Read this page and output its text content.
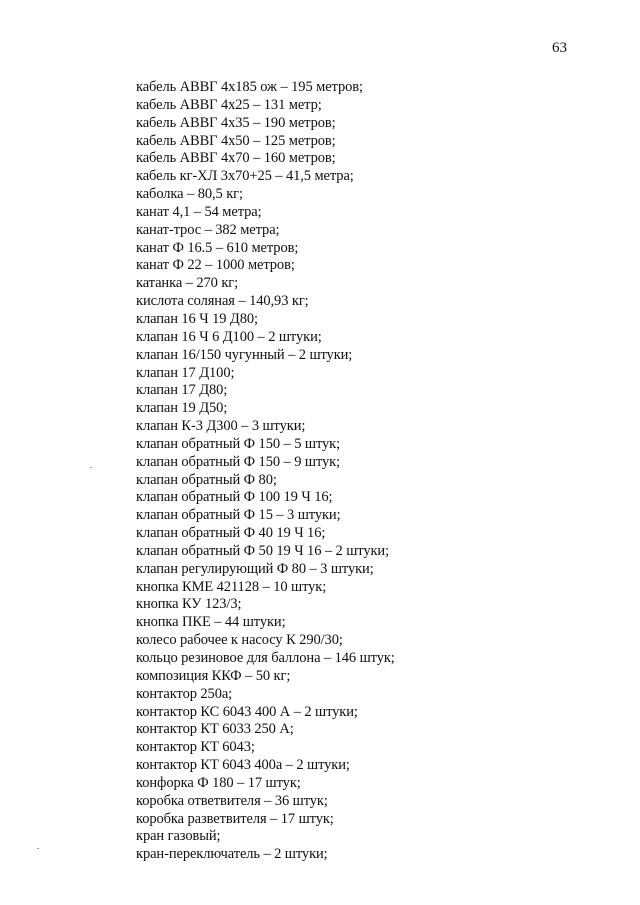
63
кабель АВВГ 4х185 ож – 195 метров;
кабель АВВГ 4х25 – 131 метр;
кабель АВВГ 4х35 – 190 метров;
кабель АВВГ 4х50 – 125 метров;
кабель АВВГ 4х70 – 160 метров;
кабель кг-ХЛ 3х70+25 – 41,5 метра;
каболка – 80,5 кг;
канат 4,1 – 54 метра;
канат-трос – 382 метра;
канат Ф 16.5 – 610 метров;
канат Ф 22 – 1000 метров;
катанка – 270 кг;
кислота соляная – 140,93 кг;
клапан 16 Ч 19 Д80;
клапан 16 Ч 6 Д100 – 2 штуки;
клапан 16/150 чугунный – 2 штуки;
клапан 17 Д100;
клапан 17 Д80;
клапан 19 Д50;
клапан К-3 Д300 – 3 штуки;
клапан обратный Ф 150 – 5 штук;
клапан обратный Ф 150 – 9 штук;
клапан обратный Ф 80;
клапан обратный Ф 100 19 Ч 16;
клапан обратный Ф 15 – 3 штуки;
клапан обратный Ф 40 19 Ч 16;
клапан обратный Ф 50 19 Ч 16 – 2 штуки;
клапан регулирующий Ф 80 – 3 штуки;
кнопка КМЕ 421128 – 10 штук;
кнопка КУ 123/3;
кнопка ПКЕ – 44 штуки;
колесо рабочее к насосу К 290/30;
кольцо резиновое для баллона – 146 штук;
композиция ККФ – 50 кг;
контактор 250а;
контактор КС 6043 400 А – 2 штуки;
контактор КТ 6033 250 А;
контактор КТ 6043;
контактор КТ 6043 400а – 2 штуки;
конфорка Ф 180 – 17 штук;
коробка ответвителя – 36 штук;
коробка разветвителя – 17 штук;
кран газовый;
кран-переключатель – 2 штуки;
